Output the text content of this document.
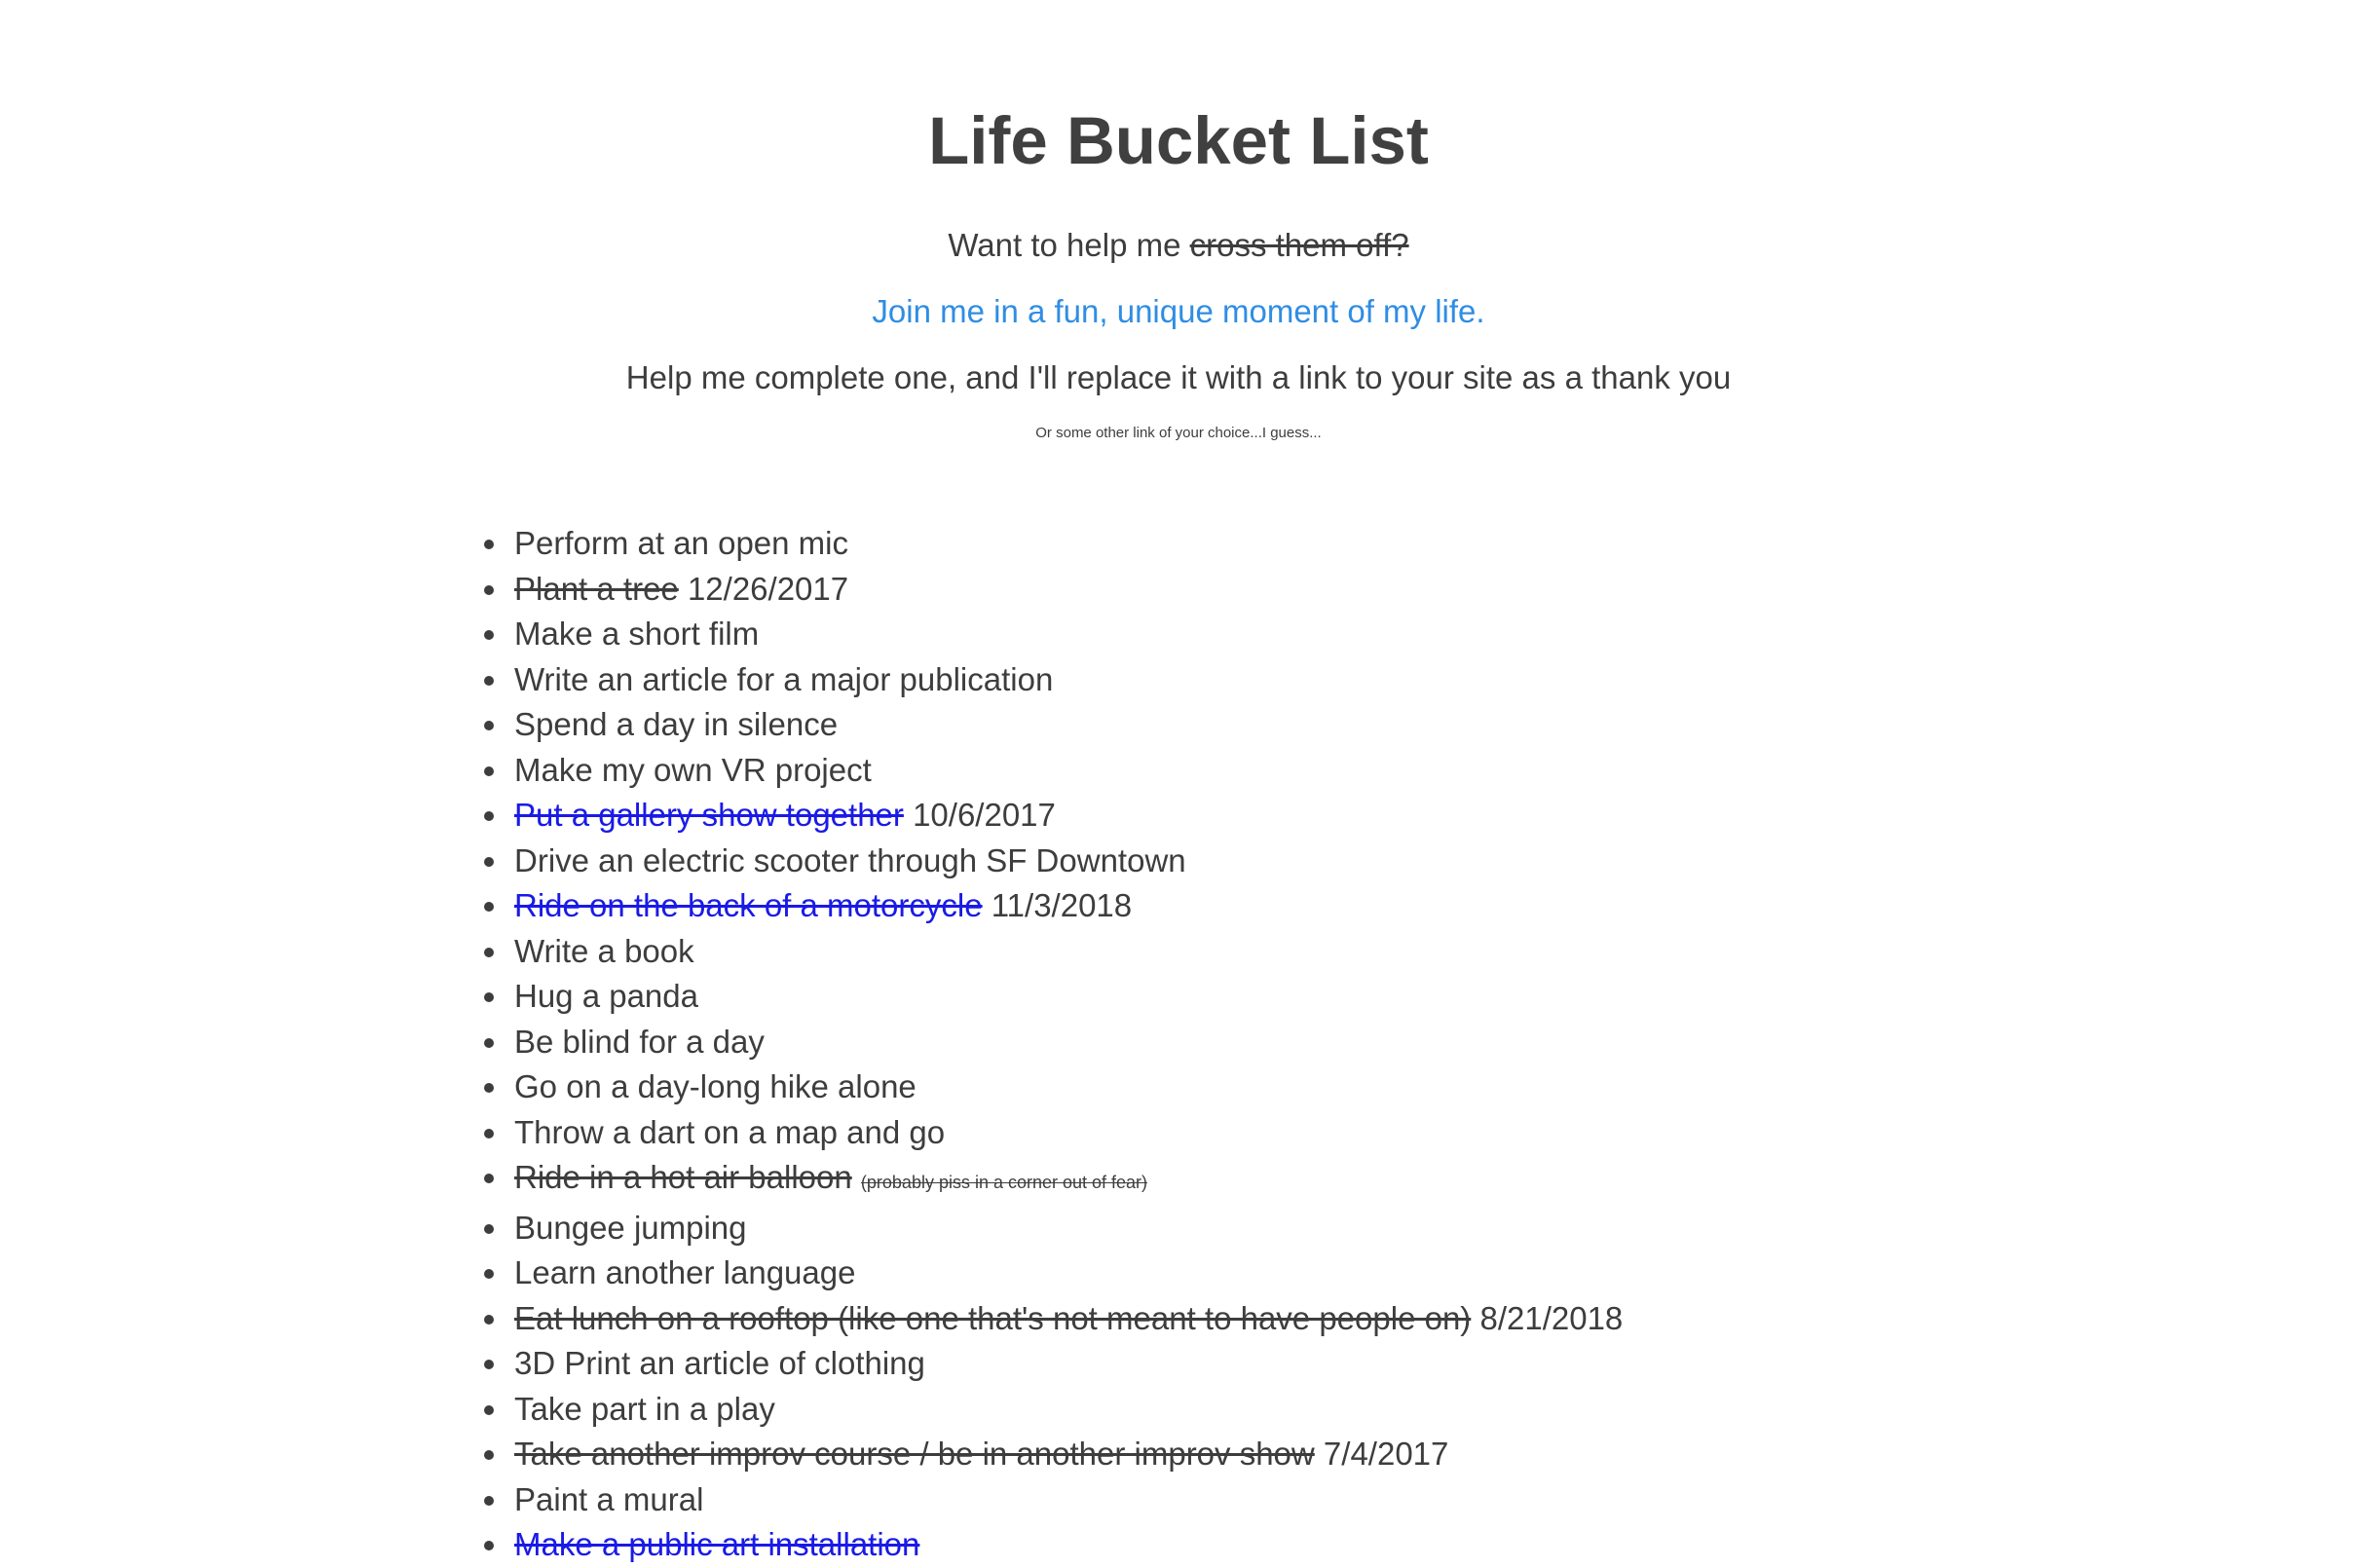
Life Bucket List

Want to help me cross them off?

Join me in a fun, unique moment of my life.

Help me complete one, and I'll replace it with a link to your site as a thank you

Or some other link of your choice...I guess...

• Perform at an open mic
• Plant a tree 12/26/2017
• Make a short film
• Write an article for a major publication
• Spend a day in silence
• Make my own VR project
• Put a gallery show together 10/6/2017
• Drive an electric scooter through SF Downtown
• Ride on the back of a motorcycle 11/3/2018
• Write a book
• Hug a panda
• Be blind for a day
• Go on a day-long hike alone
• Throw a dart on a map and go
• Ride in a hot air balloon (probably piss in a corner out of fear)
• Bungee jumping
• Learn another language
• Eat lunch on a rooftop (like one that's not meant to have people on) 8/21/2018
• 3D Print an article of clothing
• Take part in a play
• Take another improv course / be in another improv show 7/4/2017
• Paint a mural
• Make a public art installation
